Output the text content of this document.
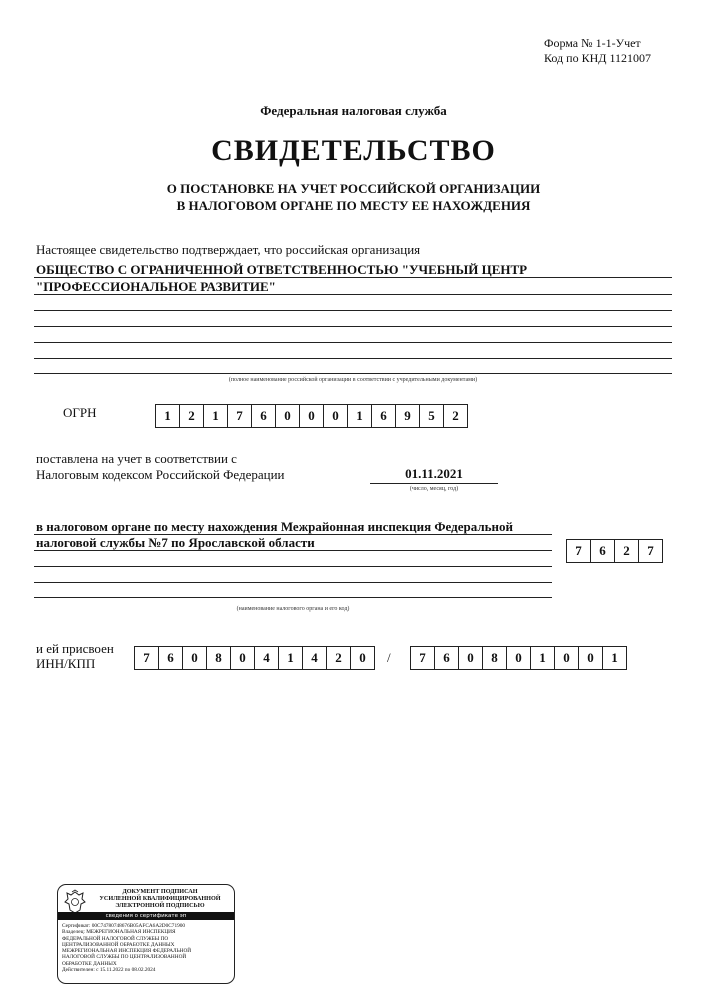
Форма № 1-1-Учет
Код по КНД 1121007
Федеральная налоговая служба
СВИДЕТЕЛЬСТВО
О ПОСТАНОВКЕ НА УЧЕТ РОССИЙСКОЙ ОРГАНИЗАЦИИ
В НАЛОГОВОМ ОРГАНЕ ПО МЕСТУ ЕЕ НАХОЖДЕНИЯ
Настоящее свидетельство подтверждает, что российская организация
ОБЩЕСТВО С ОГРАНИЧЕННОЙ ОТВЕТСТВЕННОСТЬЮ "УЧЕБНЫЙ ЦЕНТР
"ПРОФЕССИОНАЛЬНОЕ РАЗВИТИЕ"
(полное наименование российской организации в соответствии с учредительными документами)
ОГРН	1	2	1	7	6	0	0	0	1	6	9	5	2
поставлена на учет в соответствии с
Налоговым кодексом Российской Федерации	01.11.2021
(число, месяц, год)
в налоговом органе по месту нахождения Межрайонная инспекция Федеральной
налоговой службы №7 по Ярославской области
(наименование налогового органа и его код)
7	6	2	7
и ей присвоен
ИНН/КПП	7	6	0	8	0	4	1	4	2	0	/	7	6	0	8	0	1	0	0	1
ДОКУМЕНТ ПОДПИСАН
УСИЛЕННОЙ КВАЛИФИЦИРОВАННОЙ
ЭЛЕКТРОННОЙ ПОДПИСЬЮ
сведения о сертификате эп
Сертификат: 00C74780748676B05AFCA6A2D0C71900
Владелец: МЕЖРЕГИОНАЛЬНАЯ ИНСПЕКЦИЯ
ФЕДЕРАЛЬНОЙ НАЛОГОВОЙ СЛУЖБЫ ПО
ЦЕНТРАЛИЗОВАННОЙ ОБРАБОТКЕ ДАННЫХ
МЕЖРЕГИОНАЛЬНАЯ ИНСПЕКЦИЯ ФЕДЕРАЛЬНОЙ
НАЛОГОВОЙ СЛУЖБЫ ПО ЦЕНТРАЛИЗОВАННОЙ
ОБРАБОТКЕ ДАННЫХ
Действителен: с 15.11.2022 по 08.02.2024
